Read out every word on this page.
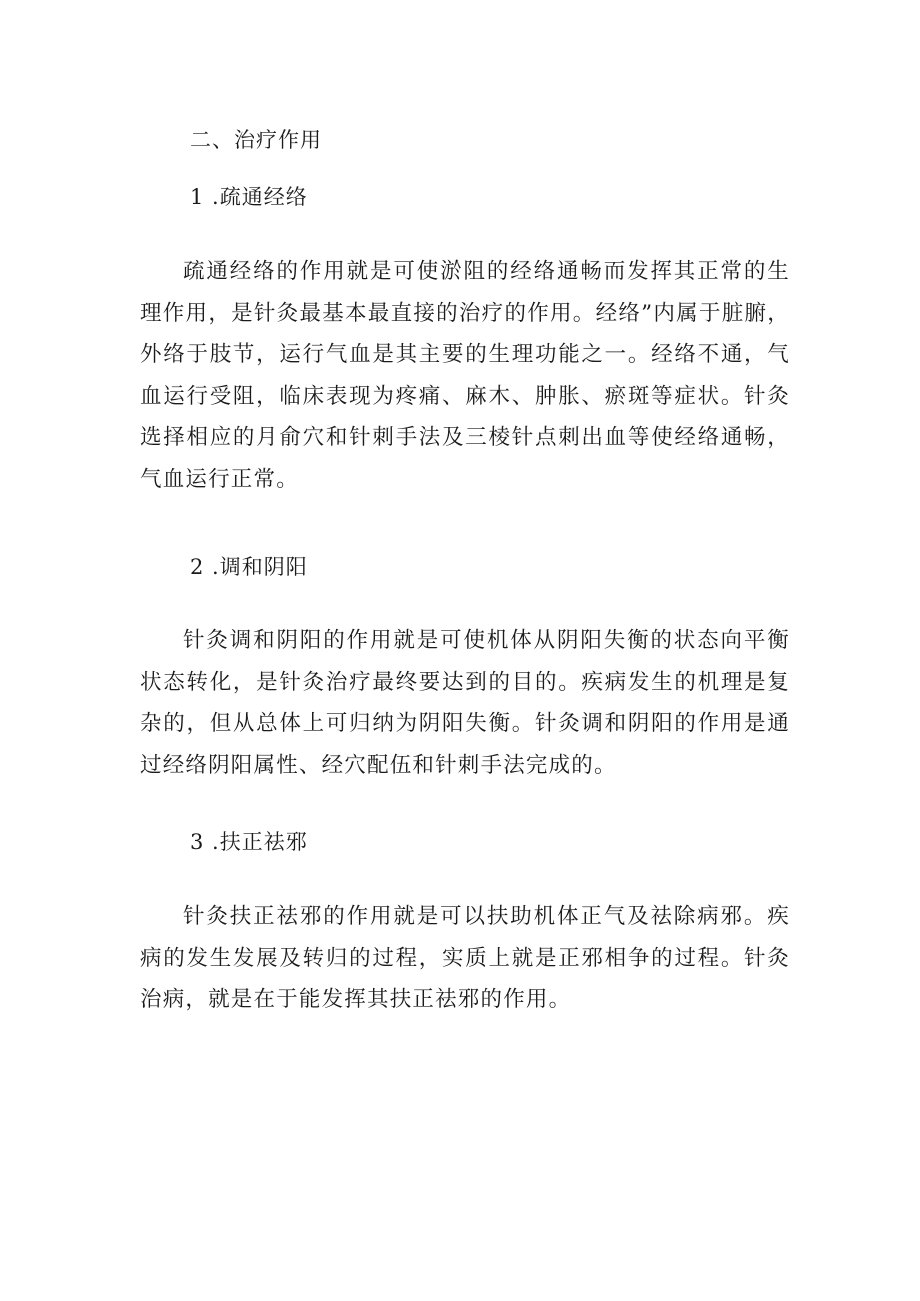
二、治疗作用
1 .疏通经络

疏通经络的作用就是可使淤阻的经络通畅而发挥其正常的生理作用，是针灸最基本最直接的治疗的作用。经络”内属于脏腑，外络于肢节，运行气血是其主要的生理功能之一。经络不通，气血运行受阻，临床表现为疼痛、麻木、肿胀、瘀斑等症状。针灸选择相应的月俞穴和针刺手法及三棱针点刺出血等使经络通畅，气血运行正常。

2 .调和阴阳

针灸调和阴阳的作用就是可使机体从阴阳失衡的状态向平衡状态转化，是针灸治疗最终要达到的目的。疾病发生的机理是复杂的，但从总体上可归纳为阴阳失衡。针灸调和阴阳的作用是通过经络阴阳属性、经穴配伍和针刺手法完成的。

3 .扶正祛邪

针灸扶正祛邪的作用就是可以扶助机体正气及祛除病邪。疾病的发生发展及转归的过程，实质上就是正邪相争的过程。针灸治病，就是在于能发挥其扶正祛邪的作用。
